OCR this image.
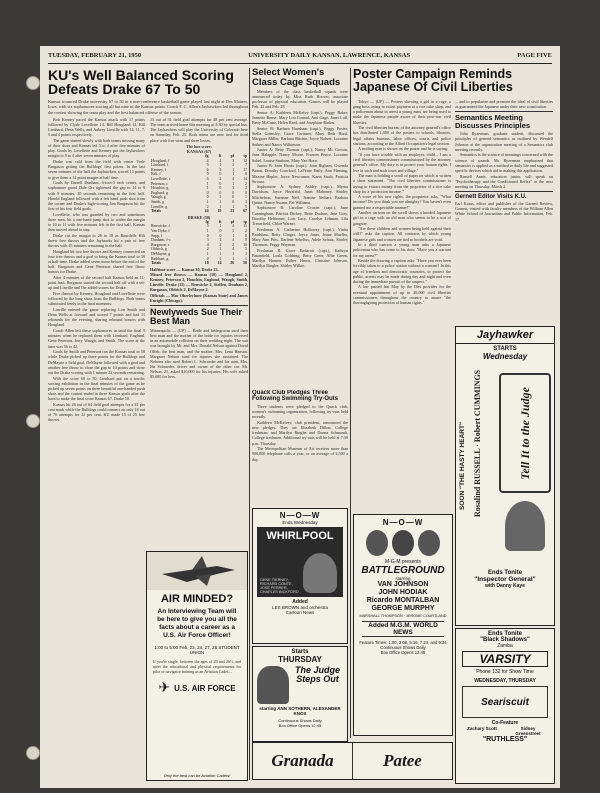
TUESDAY, FEBRUARY 21, 1950	UNIVERSITY DAILY KANSAN, LAWRENCE, KANSAS	PAGE FIVE
KU's Well Balanced Scoring Defeats Drake 67 To 50
Kansas trounced Drake university 67 to 50 in a non-conference basketball game played last night at Des Moines, Iowa, with six sophomores scoring all but nine of the Kansas points. Coach F. C. Allen's Jayhawkers led throughout the contest showing the team play and the best balanced offense of the season.

Bob Kenney paced the Kansas attack with 17 points followed by Clyde Lovellette 14, Bill Hougland 12, Bill Lienhard, Dean Wells, and Aubrey Linville with 14, 11, 7, 5 and 4 points respectively.

The game started slowly with both teams missing many of their shots and Kansas led 5 to 4 after five minutes of play. Goals by Lovellette and Kenney put the Jayhawkers margin to 9 to 4 after seven minutes of play.

Drake was cold from the field with center Verle Burgason getting the Bulldogs' first points. In the last seven minutes of the half the Jayhawkers scored 13 points to give them a 14 point margin at half time.

Goals by Darrell Dunham, 6-foot-5 inch center, and sophomore guard Dale Orr tightened the gap to 14 to 9 with 9 minutes, 30 seconds remaining in the first half. Harold England followed with a left hand push shot from the corner and Drake's high-scoring Jim Burgason hit the first of his four field goals.

Lovellette, who was guarded by two and sometimes three men, hit a one-hand jump shot to widen the margin to 20 to 11 with five minutes left in the first half. Kansas then moved ahead to stay.

Drake cut the margin to 26 to 18 as Bourdelle Hilt threw free throws and the Jayhawks hit a pair of free throws with 45 minutes remaining in the half.

Hougland hit two free throws and Kenney connected on four free throws and a goal to bring the Kansas total to 38 at half-time. Drake added seven more before the end of the half. Burgason and Gene Peterson shared free throw honors for Drake.

After 4 minutes of the second half Kansas held an 11-point lead. Burgason started the second half off with a set-up and Linville and Orr added scores for Drake.

Five thrown by Kenney, Hougland and Lovellette were followed by the long shots from the Bulldogs. Both teams substituted freely in the final moments.

Linville entered the game replacing Lon Smith and Dean Wells at forward and scored 7 points and had 11 rebounds for the evening, sharing rebound honors with Hougland.

Coach Allen left these sophomores in until the final 5 minutes when he replaced them with Lienhard, Englund, Gene Peterson, Jerry Waugh, and Smith. The score at the time was 56 to 42.

Goals by Smith and Peterson ran the Kansas total to 58 while Drake picked up three points for the Bulldogs and DeMayne a field goal. DeMayne followed with a goal and another free throw to close the gap to 10 points and close out the Drake scoring with 1 minute 22 seconds remaining.

With the score 60 to 50, Lienhard put on a terrific scoring exhibition in the final minutes of the game as he picked up seven points on three beautiful one-handed push shots and the contest ended in three Kansas goals after the horn to make the final score Kansas 67, Drake 50.

Kansas hit 26 out of 64 field goal attempts for a 41 per cent mark while the Bulldogs could connect on only 18 out of 76 attempts for 22 per cent. KU made 15 of 25 free throws.

13 out of 31 field goal attempts for 48 per cent average. The team arrived home this morning at 3:30 by special bus. The Jayhawkers will play the University of Colorado here on Saturday, Feb. 25. Both teams are now tied for third place with five wins and three losses.
The box score:
KANSAS (67)
	fg	ft	pf	tp
Hougland, f	4	4	3	12
Lienhard, f	3	1	2	7
Kenney, f	6	5	1	17
Belt, f	0	0	1	0
Lovellette, c	6	2	4	14
Peterson, c	1	0	1	2
Houchin, g	1	0	3	2
Englund, g	0	0	0	0
Waugh, g	0	1	0	1
Smith, g	1	1	0	3
Linville, g	2	1	1	5
Totals	24	19	23	67
DRAKE (50)
	fg	ft	pf	tp
Renwicke, f	5	1	4	11
Van Dyke, f	1	0	3	2
Sapp, f	0	0	1	0
Dunham, f-c	3	2	4	8
Burgason, c	4	2	2	10
Oldrich, g	2	1	4	5
DeMayne, g	1	1	1	3
Rathbart, g	0	1	1	1
Totals	18	14	26	50
Halftime score — Kansas 30, Drake 23.
Missed free throws — Kansas (10) — Hougland 2, Kenney, Peterson 2, Houchin, Englund, Waugh, Smith, Linville. Drake (11) — Renwicke 2, Steffen, Dunham 2, Burgason, Oldrich 2, DeMayne 2.
Officials — Mac Oberlechner (Kansas State) and James Enright (Chicago).
Newlyweds Sue Their Best Man
Minneapolis — (UP) — Bride and bridegroom sued their best man and the mother of the bride for injuries received in an automobile collision on their wedding night. The suit was brought by Mr. and Mrs. Donald Nelson against David Olfelt, the best man, and the mother, Mrs. Lena Hanson. Margaret Nelson sued for injuries she sustained. The Nelsons also sued Robert L. Schroeder and his aunt, Mrs. Ida Schroeder, driver and owner of the other car. Mr. Nelson, 21, asked $10,000 for his injuries. His wife asked $5,000 for hers.
AIR MINDED?
An Interviewing Team will be here to give you all the facts about a career as a U.S. Air Force Officer!
1:00 to 5:00 Feb. 23, 24, 27, 28 STUDENT UNION
If you're single, between the ages of 20 and 26½, and meet the educational and physical requirements for pilot or navigator training as an Aviation Cadet—
✈ U.S. AIR FORCE
Only the best can be Aviation Cadets!
Select Women's Class Cage Squads

Members of the class basketball squads were announced today by Miss Ruth Hoover, associate professor of physical education. Games will be played Feb. 22 and Feb. 28.

Senior A: Kathleen McKelvy (capt.), Peggy Baker, Jeanette Beuse, Mary Lou Conrad, Ann Gage, Janet Lull, Betty McCune, Helen Reed, and Josephine Rinker.

Senior B: Barbara Burnham (capt.), Peggy Foster, Stella Grimsley, Grace Gwinner, Mary Beth Hurd, Margaret Miller, Barbara Ritchie, Joyce Rohrer, Lorraine Seibert and Nancy Wilkinson.

Junior A: Betty Thomas (capt.), Nancy Mc Gowan, Jean Halapple, Nancy Moore, Frances Pence, Lorraine Sobel, Louise Sanborn, Mary Van Horn.

Junior B: Jean Harris (capt.), Joan Bigham, Gwenda Braun, Dorothy Crawford, LaVerne Daily, Ann Fleming, Maxine Hepler, Joyce Newcomer, Karin Stach, Patricia Strouse.

Sophomore A: Sydney Ashley (capt.), Myrna Davidson, Joyce Herzfeld, Janet Mahoney, Shirley Mitchelson, Suzanne Neff, Jeanine Neihart, Barbara Quinn, Nancy Swann, Pat Williams.

Sophomore B: Caroline Crozier (capt.), June Cunningham, Patricia Dickey, Bette Dodson, Jane Gray, Dorothy Helfinmer, Lois Lacy, Carolyn Lehman, Lila Trenerfield, Chloe Warner.

Freshman A: Catherine Holloway (capt.), Vinita Bradshaw, Betty Clinger, Joyce Jones, Jeane Mueller, Mary Ann Pitts, Darlene Sebelius, Adele Schutz, Shirley Thomson, Peggy Wayman.

Freshman B: Grace Endacott (capt.), Kathryn Baumfield, Loula Goldring, Betty Greer, Allie Green, Marilyn Hansen, Esther Harris, Christine Johnson, Marilyn Ringler, Shirley Wilkie.

Quack Club Pledges Three Following Swimming Try-Outs

Three students were pledged to the Quack club, women's swimming organization, following try-outs held recently.

Kathleen McKelvey, club president, announced the new pledges. They are Elizabeth Dillon, College freshman; and Marilyn Ringler and Donna Schmandt, College freshmen. Additional try-outs will be held at 7:30 p.m. Thursday.

The Metropolitan Museum of Art receives more than 900,000 telephone calls a year, or an average of 2,500 a day.

N—O—W
Ends Wednesday
WHIRLPOOL
GENE TIERNEY, RICHARD CONTE, JOSE FERRER, CHARLES BICKFORD
Added
LES BROWN and orchestra
Cartoon News
Starts
THURSDAY
The Judge Steps Out
starring ANN SOTHERN, ALEXANDER KNOX
Continuous Shows Daily
Box Office Opens 12:45
Poster Campaign Reminds Japanese Of Civil Liberties

Tokyo — (UP) — Posters showing a girl in a cage, a gang boss trying to extort payment at a rice cake shop, and a policeman about to arrest a young man, are being used to make the Japanese people aware of their post-war civil liberties.

The civil liberties bureau of the attorney general's office has distributed 1,000 of the posters to schools, libraries, legal affairs bureaus, labor offices, courts and police stations, according to the Allied Occupation's legal section.

A smiling man is shown on the poster and he is saying:

"If you have trouble with an employer, child... I am a civil liberties commissioner commissioned by the attorney general's office. My duty is to protect your human rights. I live in such and such town and village."

The man is holding a scroll of paper on which is written a short statement. "The civil liberties commissioner is trying to extract money from the proprietor of a rice cake shop for a 'protection income.'"

A score of his new rights, the proprietor asks, "What income? Do you think you are almighty? You haven't even granted me a respectable manner!"

Another cartoon on the scroll shows a hooded Japanese girl in a cage with an old man who seems to be a sort of gangster.

"Are these children and women being held against their will?" asks the caption. All contracts by which young Japanese girls and women are tied to brothels are void.

In a third cartoon a young man asks a Japanese policeman who has come to his door: "Have you a warrant for my arrest?"

Beside the drawing a caption asks: "Have you ever been forcibly taken to a police station without a warrant? In this age of freedom and democratic countries, to protect the public, arrests may be made during day and night and even during the immediate pursuit of the suspect."

A law passed last May by the Diet provides for the eventual appointment of up to 20,000 civil liberties commissioners throughout the country to assure "the thoroughgoing protection of human rights."

... and to popularize and promote the ideal of civil liberties as guaranteed the Japanese under their new constitution.
Semantics Meeting Discusses Principles

John Ryzerman, graduate student, discussed the principles of general semantics as outlined by Wendell Johnson at the organization meeting of a Semantics club meeting recently.

Semantics is the science of meanings concerned with the science of sounds. Mr. Ryzerman emphasized that semantics is applied as a method to daily life and suggested specific devices which aid in making this application.

Russell Annis, education junior, will speak on "Psychotherapy and the Conditioned Reflex" at the next meeting on Thursday, March 2.

Gernett Editor Visits K.U.
Earl Kraus, editor and publisher of the Garnett Review, Garnett, visited with faculty members of the William Allen White School of Journalism and Public Information, Feb. 17.
Jayhawker
STARTS
Wednesday
SOON "THE HASTY HEART" Rosalind RUSSELL · Robert CUMMINGS	Tell It to the Judge
Ends Tonite
"Inspector General"
with Danny Kaye
N—O—W
M-G-M presents
BATTLEGROUND
starring
VAN JOHNSON
JOHN HODIAK
Ricardo MONTALBAN
GEORGE MURPHY
MARSHALL THOMPSON · JEROME COURTLAND
Added M.G.M. WORLD NEWS
Feature Times: 1:00, 3:08, 5:16, 7:24, and 9:34
Continuous Shows Daily
Box Office Opens 12:45
Ends Tonite
"Black Shadows"
Zamba
VARSITY
Phone 132 for Show Time
WEDNESDAY, THURSDAY
Seariscuit
Co-Feature
Zachary Scott	Sidney Greenstreet
"RUTHLESS"
Granada	Patee
